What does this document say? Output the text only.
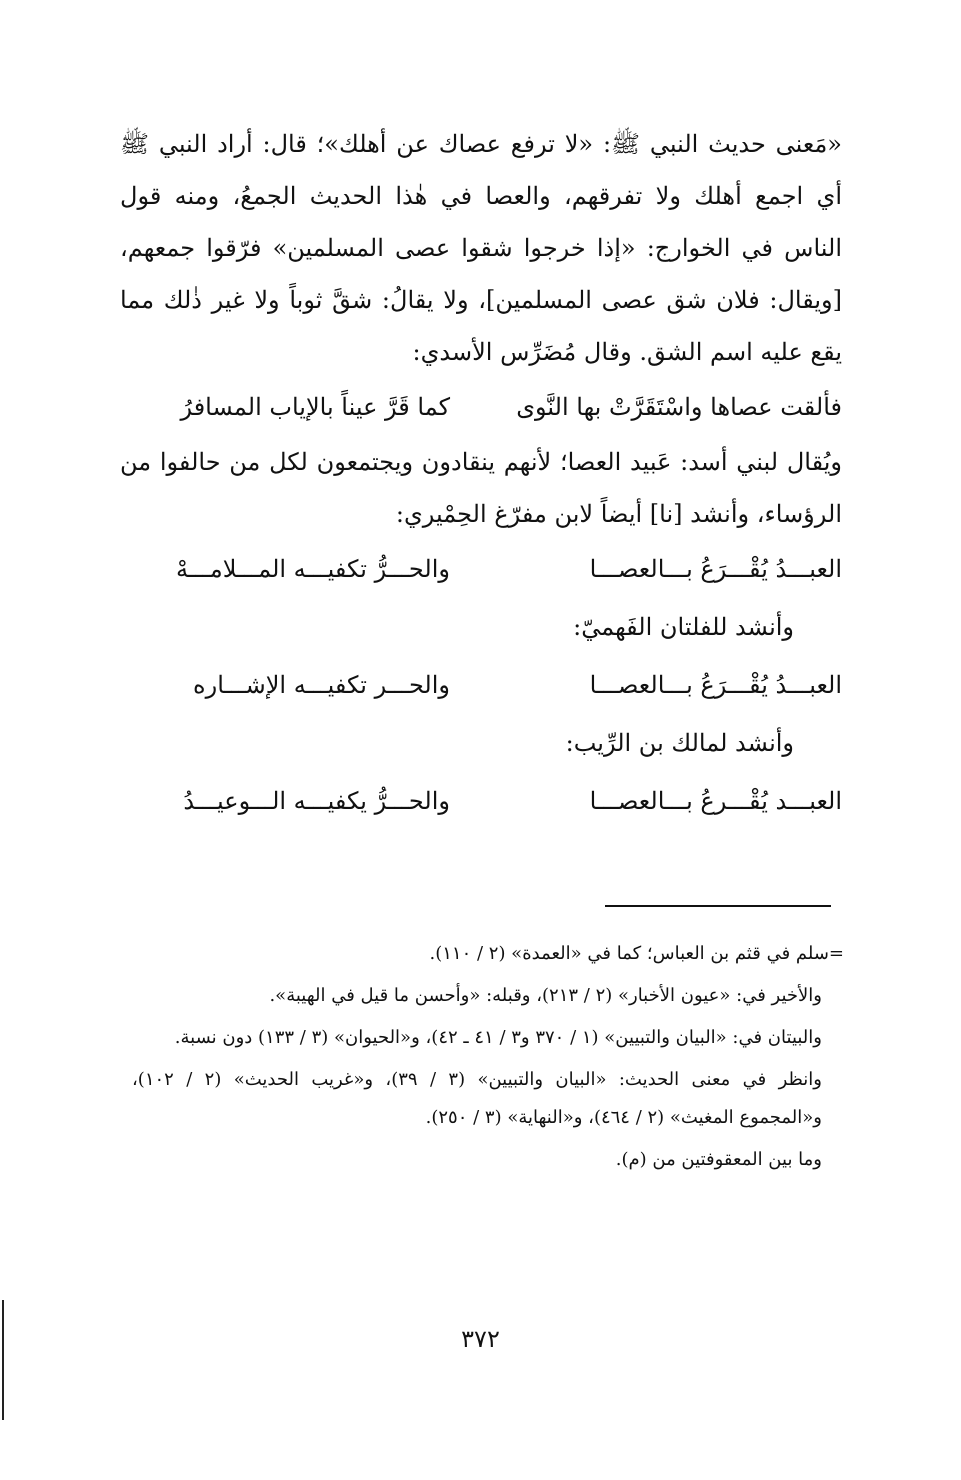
«مَعنى حديث النبي ﷺ: «لا ترفع عصاك عن أهلك»؛ قال: أراد النبي ﷺ أي اجمع أهلك ولا تفرقهم، والعصا في هٰذا الحديث الجمعُ، ومنه قول الناس في الخوارج: «إذا خرجوا شقوا عصى المسلمين» فرّقوا جمعهم، [ويقال: فلان شق عصى المسلمين]، ولا يقالُ: شقَّ ثوباً ولا غير ذٰلك مما يقع عليه اسم الشق. وقال مُضَرِّس الأسدي:

فألقت عصاها واسْتَقَرَّتْ بها النَّوى
كما قَرَّ عيناً بالإياب المسافرُ

ويُقال لبني أسد: عَبيد العصا؛ لأنهم ينقادون ويجتمعون لكل من حالفوا من الرؤساء، وأنشد [نا] أيضاً لابن مفرّغ الحِمْيري:

العبـــدُ يُقْـــرَعُ بـــالعصـــا
والحـــرُّ تكفيـــه المـــلامـــهْ
وأنشد للفلتان الفَهميّ:
العبـــدُ يُقْـــرَعُ بـــالعصـــا
والحـــر تكفيـــه الإشـــاره
وأنشد لمالك بن الرِّيب:
العبـــد يُقْـــرعُ بـــالعصـــا
والحـــرُّ يكفيـــه الـــوعيـــدُ

=سلم في قثم بن العباس؛ كما في «العمدة» (٢ / ١١٠).

والأخير في: «عيون الأخبار» (٢ / ٢١٣)، وقبله: «وأحسن ما قيل في الهيبة».

والبيتان في: «البيان والتبيين» (١ / ٣٧٠ و٣ / ٤١ ـ ٤٢)، و«الحيوان» (٣ / ١٣٣) دون نسبة.

وانظر في معنى الحديث: «البيان والتبيين» (٣ / ٣٩)، و«غريب الحديث» (٢ / ١٠٢)، و«المجموع المغيث» (٢ / ٤٦٤)، و«النهاية» (٣ / ٢٥٠).

وما بين المعقوفتين من (م).

٣٧٢
